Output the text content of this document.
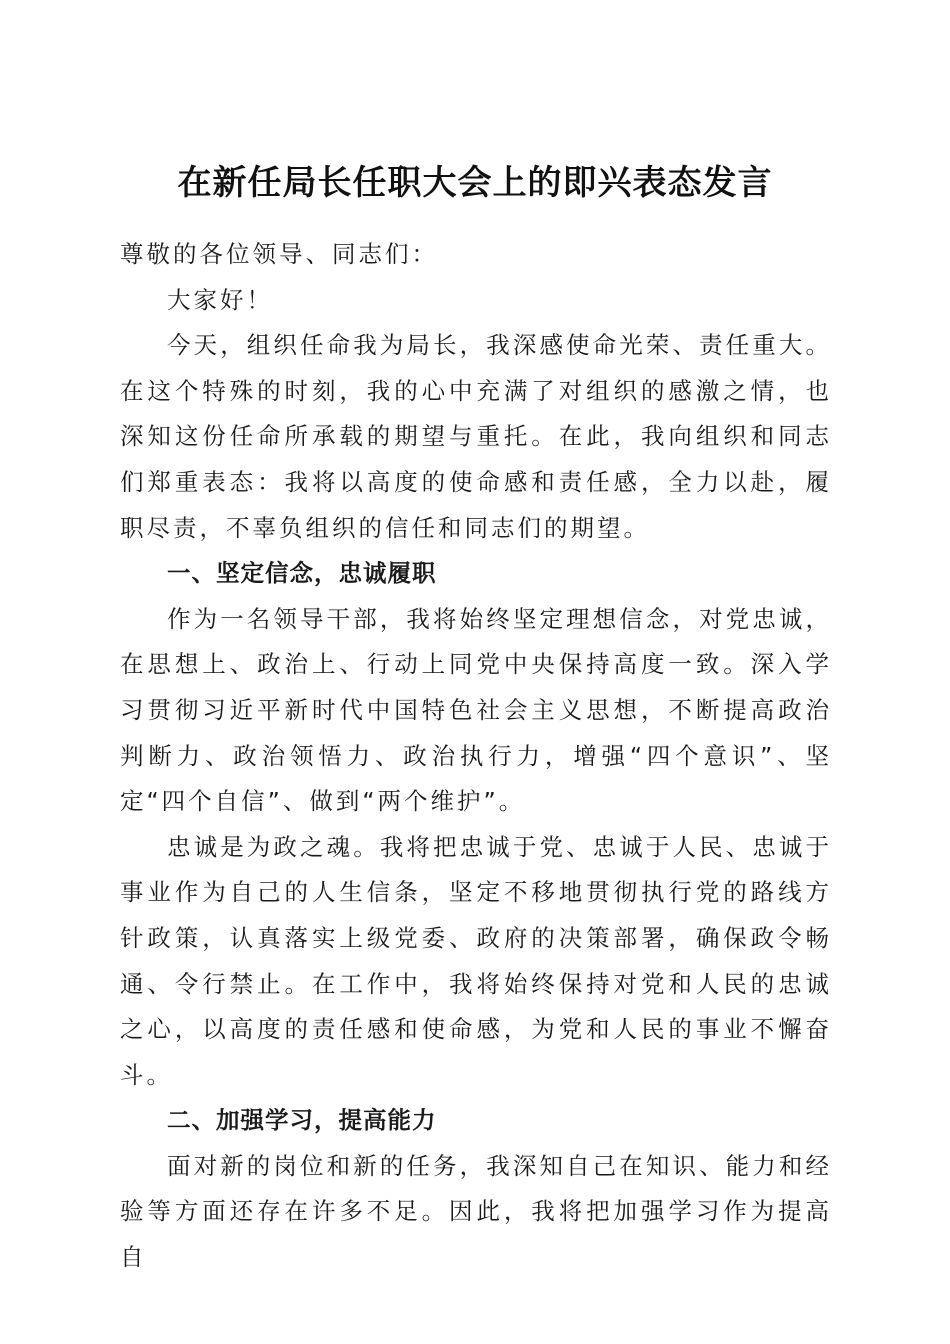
在新任局长任职大会上的即兴表态发言

尊敬的各位领导、同志们：

大家好！

今天，组织任命我为局长，我深感使命光荣、责任重大。在这个特殊的时刻，我的心中充满了对组织的感激之情，也深知这份任命所承载的期望与重托。在此，我向组织和同志们郑重表态：我将以高度的使命感和责任感，全力以赴，履职尽责，不辜负组织的信任和同志们的期望。

一、坚定信念，忠诚履职

作为一名领导干部，我将始终坚定理想信念，对党忠诚，在思想上、政治上、行动上同党中央保持高度一致。深入学习贯彻习近平新时代中国特色社会主义思想，不断提高政治判断力、政治领悟力、政治执行力，增强“四个意识”、坚定“四个自信”、做到“两个维护”。

忠诚是为政之魂。我将把忠诚于党、忠诚于人民、忠诚于事业作为自己的人生信条，坚定不移地贯彻执行党的路线方针政策，认真落实上级党委、政府的决策部署，确保政令畅通、令行禁止。在工作中，我将始终保持对党和人民的忠诚之心，以高度的责任感和使命感，为党和人民的事业不懈奋斗。

二、加强学习，提高能力

面对新的岗位和新的任务，我深知自己在知识、能力和经验等方面还存在许多不足。因此，我将把加强学习作为提高自
